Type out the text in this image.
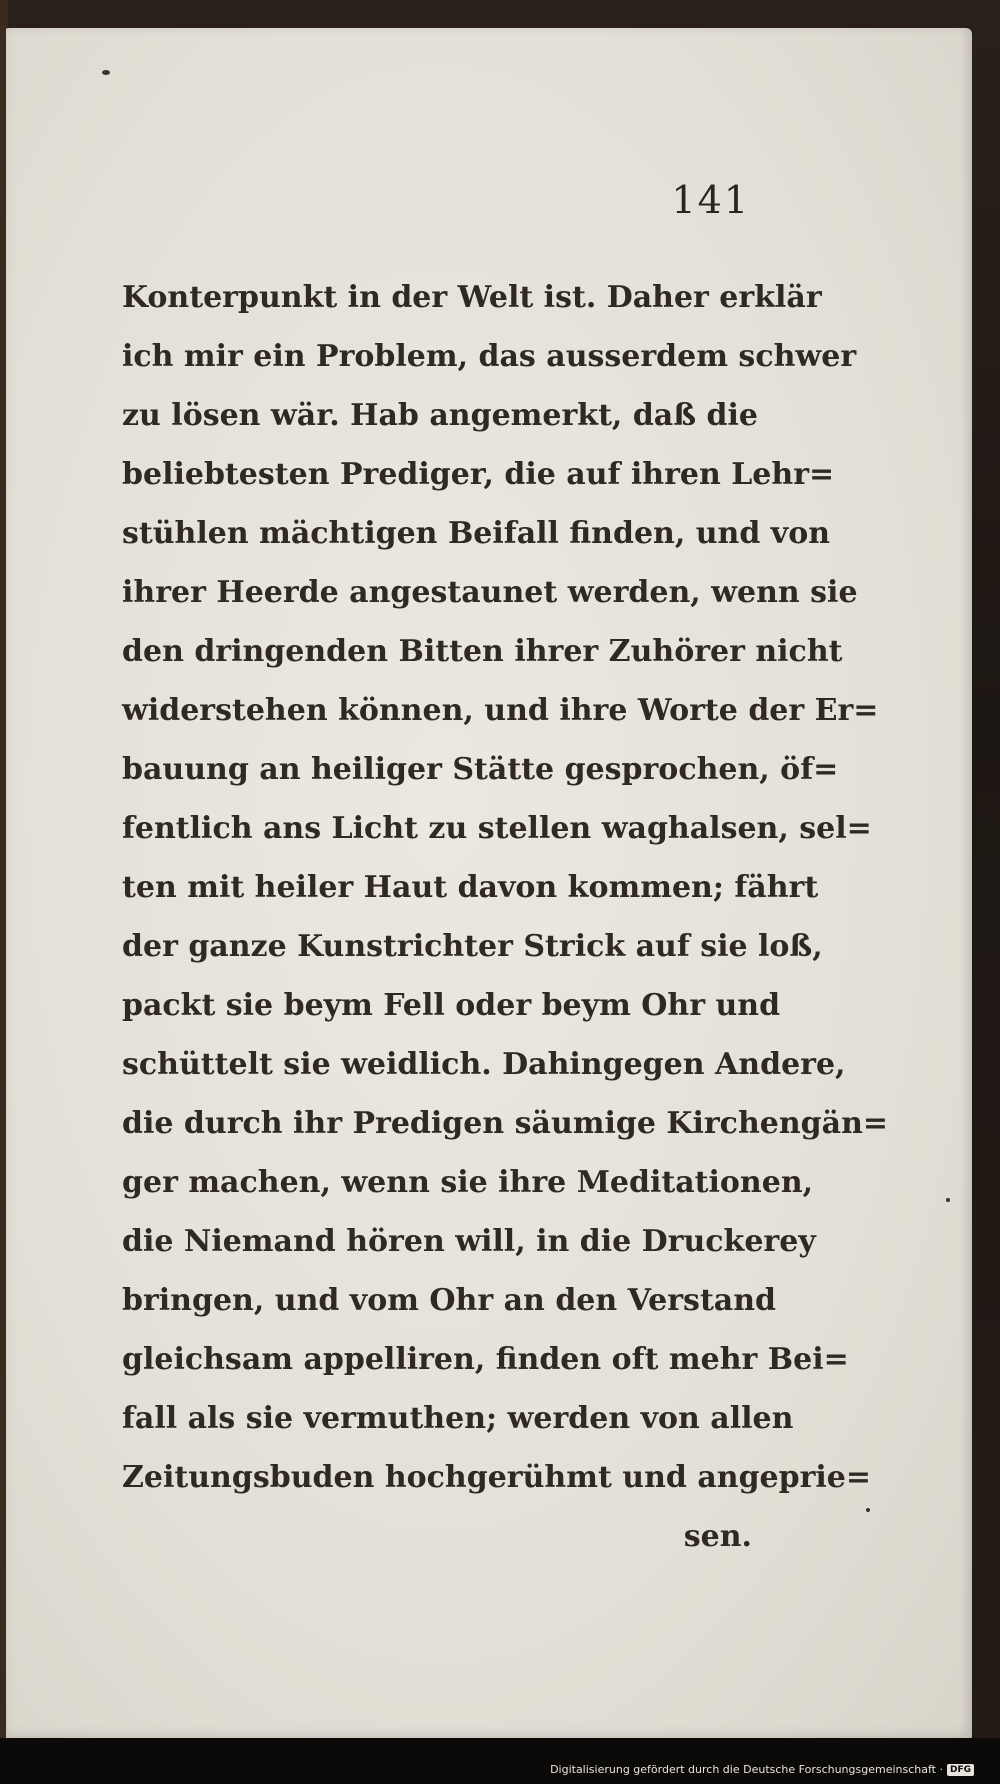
141
Konterpunkt in der Welt ist. Daher erklär
ich mir ein Problem, das ausserdem schwer
zu lösen wär. Hab angemerkt, daß die
beliebtesten Prediger, die auf ihren Lehr=
stühlen mächtigen Beifall finden, und von
ihrer Heerde angestaunet werden, wenn sie
den dringenden Bitten ihrer Zuhörer nicht
widerstehen können, und ihre Worte der Er=
bauung an heiliger Stätte gesprochen, öf=
fentlich ans Licht zu stellen waghalsen, sel=
ten mit heiler Haut davon kommen; fährt
der ganze Kunstrichter Strick auf sie loß,
packt sie beym Fell oder beym Ohr und
schüttelt sie weidlich. Dahingegen Andere,
die durch ihr Predigen säumige Kirchengän=
ger machen, wenn sie ihre Meditationen,
die Niemand hören will, in die Druckerey
bringen, und vom Ohr an den Verstand
gleichsam appelliren, finden oft mehr Bei=
fall als sie vermuthen; werden von allen
Zeitungsbuden hochgerühmt und angeprie=
sen.
Digitalisierung gefördert durch die Deutsche Forschungsgemeinschaft · DFG
